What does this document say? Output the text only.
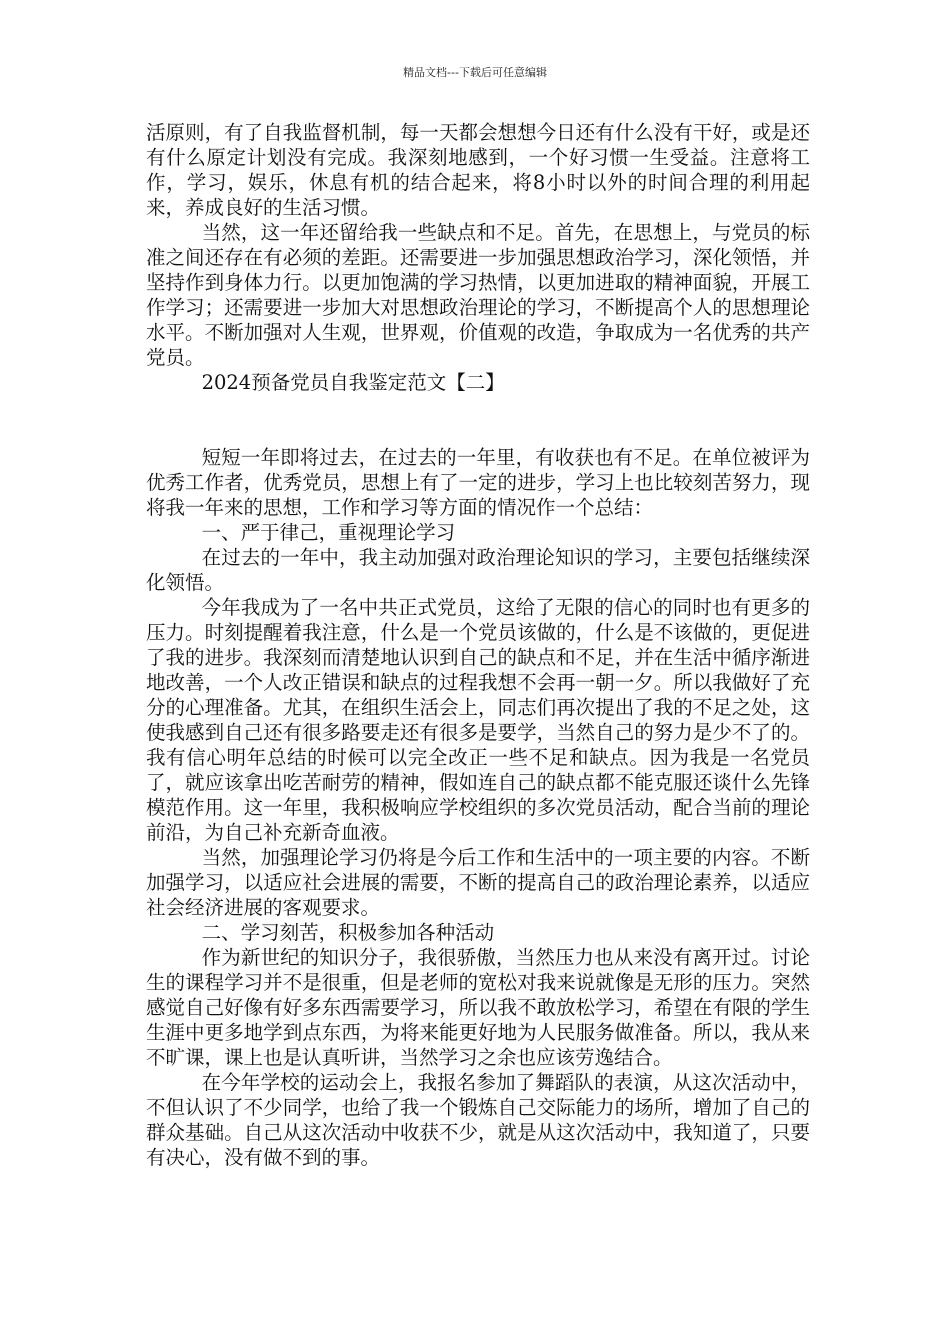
精品文档---下载后可任意编辑

活原则，有了自我监督机制，每一天都会想想今日还有什么没有干好，或是还有什么原定计划没有完成。我深刻地感到，一个好习惯一生受益。注意将工作，学习，娱乐，休息有机的结合起来，将8小时以外的时间合理的利用起来，养成良好的生活习惯。

当然，这一年还留给我一些缺点和不足。首先，在思想上，与党员的标准之间还存在有必须的差距。还需要进一步加强思想政治学习，深化领悟，并坚持作到身体力行。以更加饱满的学习热情，以更加进取的精神面貌，开展工作学习；还需要进一步加大对思想政治理论的学习，不断提高个人的思想理论水平。不断加强对人生观，世界观，价值观的改造，争取成为一名优秀的共产党员。

2024预备党员自我鉴定范文【二】

短短一年即将过去，在过去的一年里，有收获也有不足。在单位被评为优秀工作者，优秀党员，思想上有了一定的进步，学习上也比较刻苦努力，现将我一年来的思想，工作和学习等方面的情况作一个总结：

一、严于律己，重视理论学习

在过去的一年中，我主动加强对政治理论知识的学习，主要包括继续深化领悟。

今年我成为了一名中共正式党员，这给了无限的信心的同时也有更多的压力。时刻提醒着我注意，什么是一个党员该做的，什么是不该做的，更促进了我的进步。我深刻而清楚地认识到自己的缺点和不足，并在生活中循序渐进地改善，一个人改正错误和缺点的过程我想不会再一朝一夕。所以我做好了充分的心理准备。尤其，在组织生活会上，同志们再次提出了我的不足之处，这使我感到自己还有很多路要走还有很多是要学，当然自己的努力是少不了的。我有信心明年总结的时候可以完全改正一些不足和缺点。因为我是一名党员了，就应该拿出吃苦耐劳的精神，假如连自己的缺点都不能克服还谈什么先锋模范作用。这一年里，我积极响应学校组织的多次党员活动，配合当前的理论前沿，为自己补充新奇血液。

当然，加强理论学习仍将是今后工作和生活中的一项主要的内容。不断加强学习，以适应社会进展的需要，不断的提高自己的政治理论素养，以适应社会经济进展的客观要求。

二、学习刻苦，积极参加各种活动

作为新世纪的知识分子，我很骄傲，当然压力也从来没有离开过。讨论生的课程学习并不是很重，但是老师的宽松对我来说就像是无形的压力。突然感觉自己好像有好多东西需要学习，所以我不敢放松学习，希望在有限的学生生涯中更多地学到点东西，为将来能更好地为人民服务做准备。所以，我从来不旷课，课上也是认真听讲，当然学习之余也应该劳逸结合。

在今年学校的运动会上，我报名参加了舞蹈队的表演，从这次活动中，不但认识了不少同学，也给了我一个锻炼自己交际能力的场所，增加了自己的群众基础。自己从这次活动中收获不少，就是从这次活动中，我知道了，只要有决心，没有做不到的事。
